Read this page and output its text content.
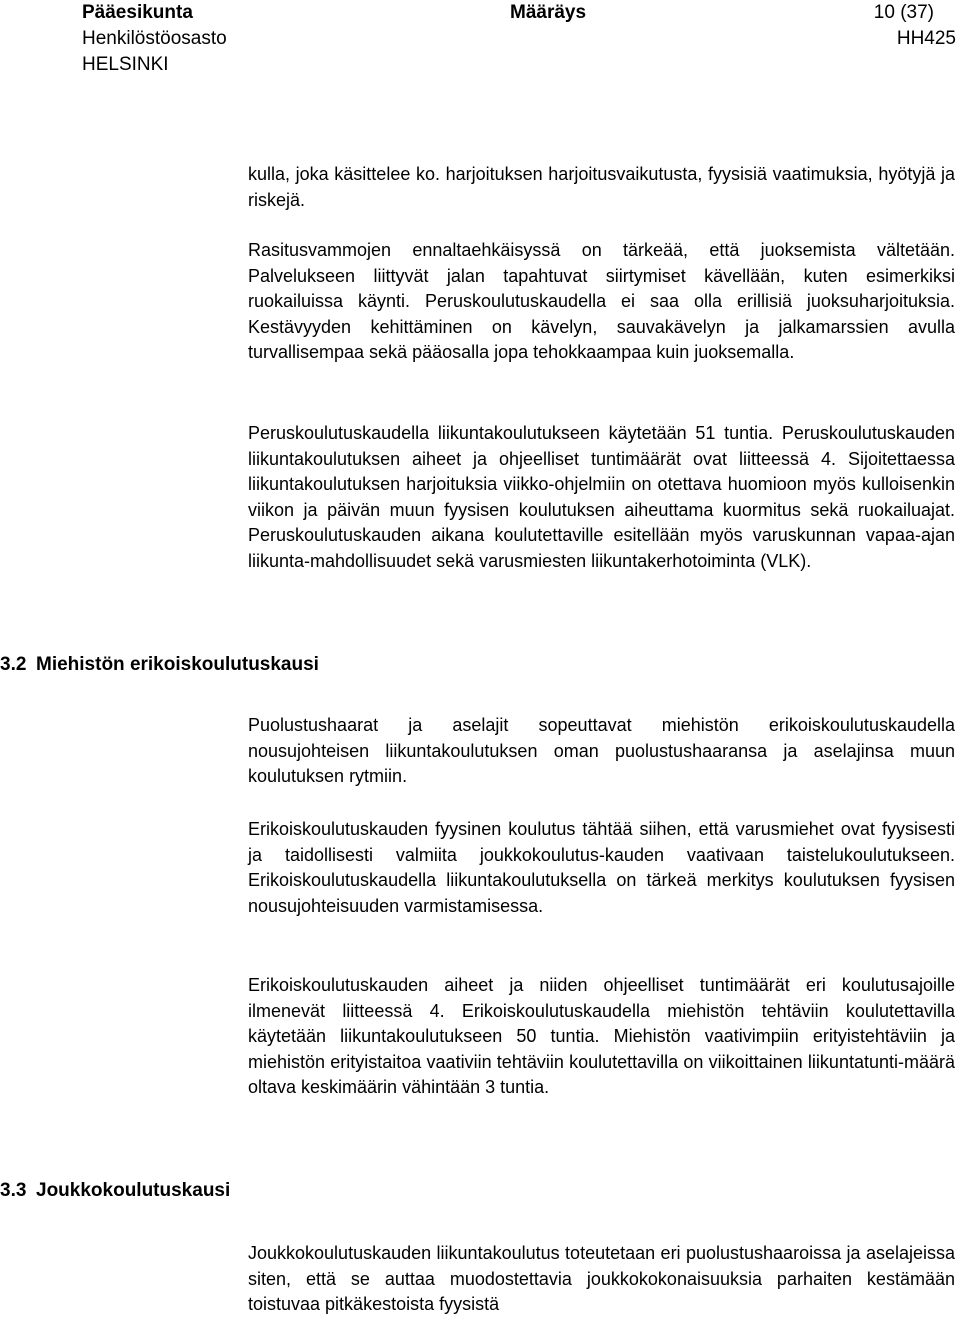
Pääesikunta
Henkilöstöosasto
HELSINKI
Määräys	10 (37)
HH425

kulla, joka käsittelee ko. harjoituksen harjoitusvaikutusta, fyysisiä vaatimuksia, hyötyjä ja riskejä.

Rasitusvammojen ennaltaehkäisyssä on tärkeää, että juoksemista vältetään. Palvelukseen liittyvät jalan tapahtuvat siirtymiset kävellään, kuten esimerkiksi ruokailuissa käynti. Peruskoulutuskaudella ei saa olla erillisiä juoksuharjoituksia. Kestävyyden kehittäminen on kävelyn, sauvakävelyn ja jalkamarssien avulla turvallisempaa sekä pääosalla jopa tehokkaampaa kuin juoksemalla.

Peruskoulutuskaudella liikuntakoulutukseen käytetään 51 tuntia. Peruskoulutuskauden liikuntakoulutuksen aiheet ja ohjeelliset tuntimäärät ovat liitteessä 4. Sijoitettaessa liikuntakoulutuksen harjoituksia viikko-ohjelmiin on otettava huomioon myös kulloisenkin viikon ja päivän muun fyysisen koulutuksen aiheuttama kuormitus sekä ruokailuajat. Peruskoulutuskauden aikana koulutettaville esitellään myös varuskunnan vapaa-ajan liikunta-mahdollisuudet sekä varusmiesten liikuntakerhotoiminta (VLK).

3.2 Miehistön erikoiskoulutuskausi

Puolustushaarat ja aselajit sopeuttavat miehistön erikoiskoulutuskaudella nousujohteisen liikuntakoulutuksen oman puolustushaaransa ja aselajinsa muun koulutuksen rytmiin.

Erikoiskoulutuskauden fyysinen koulutus tähtää siihen, että varusmiehet ovat fyysisesti ja taidollisesti valmiita joukkokoulutus-kauden vaativaan taistelukoulutukseen. Erikoiskoulutuskaudella liikuntakoulutuksella on tärkeä merkitys koulutuksen fyysisen nousujohteisuuden varmistamisessa.

Erikoiskoulutuskauden aiheet ja niiden ohjeelliset tuntimäärät eri koulutusajoille ilmenevät liitteessä 4. Erikoiskoulutuskaudella miehistön tehtäviin koulutettavilla käytetään liikuntakoulutukseen 50 tuntia. Miehistön vaativimpiin erityistehtäviin ja miehistön erityistaitoa vaativiin tehtäviin koulutettavilla on viikoittainen liikuntatunti-määrä oltava keskimäärin vähintään 3 tuntia.

3.3 Joukkokoulutuskausi

Joukkokoulutuskauden liikuntakoulutus toteutetaan eri puolustushaaroissa ja aselajeissa siten, että se auttaa muodostettavia joukkokokonaisuuksia parhaiten kestämään toistuvaa pitkäkestoista fyysistä
